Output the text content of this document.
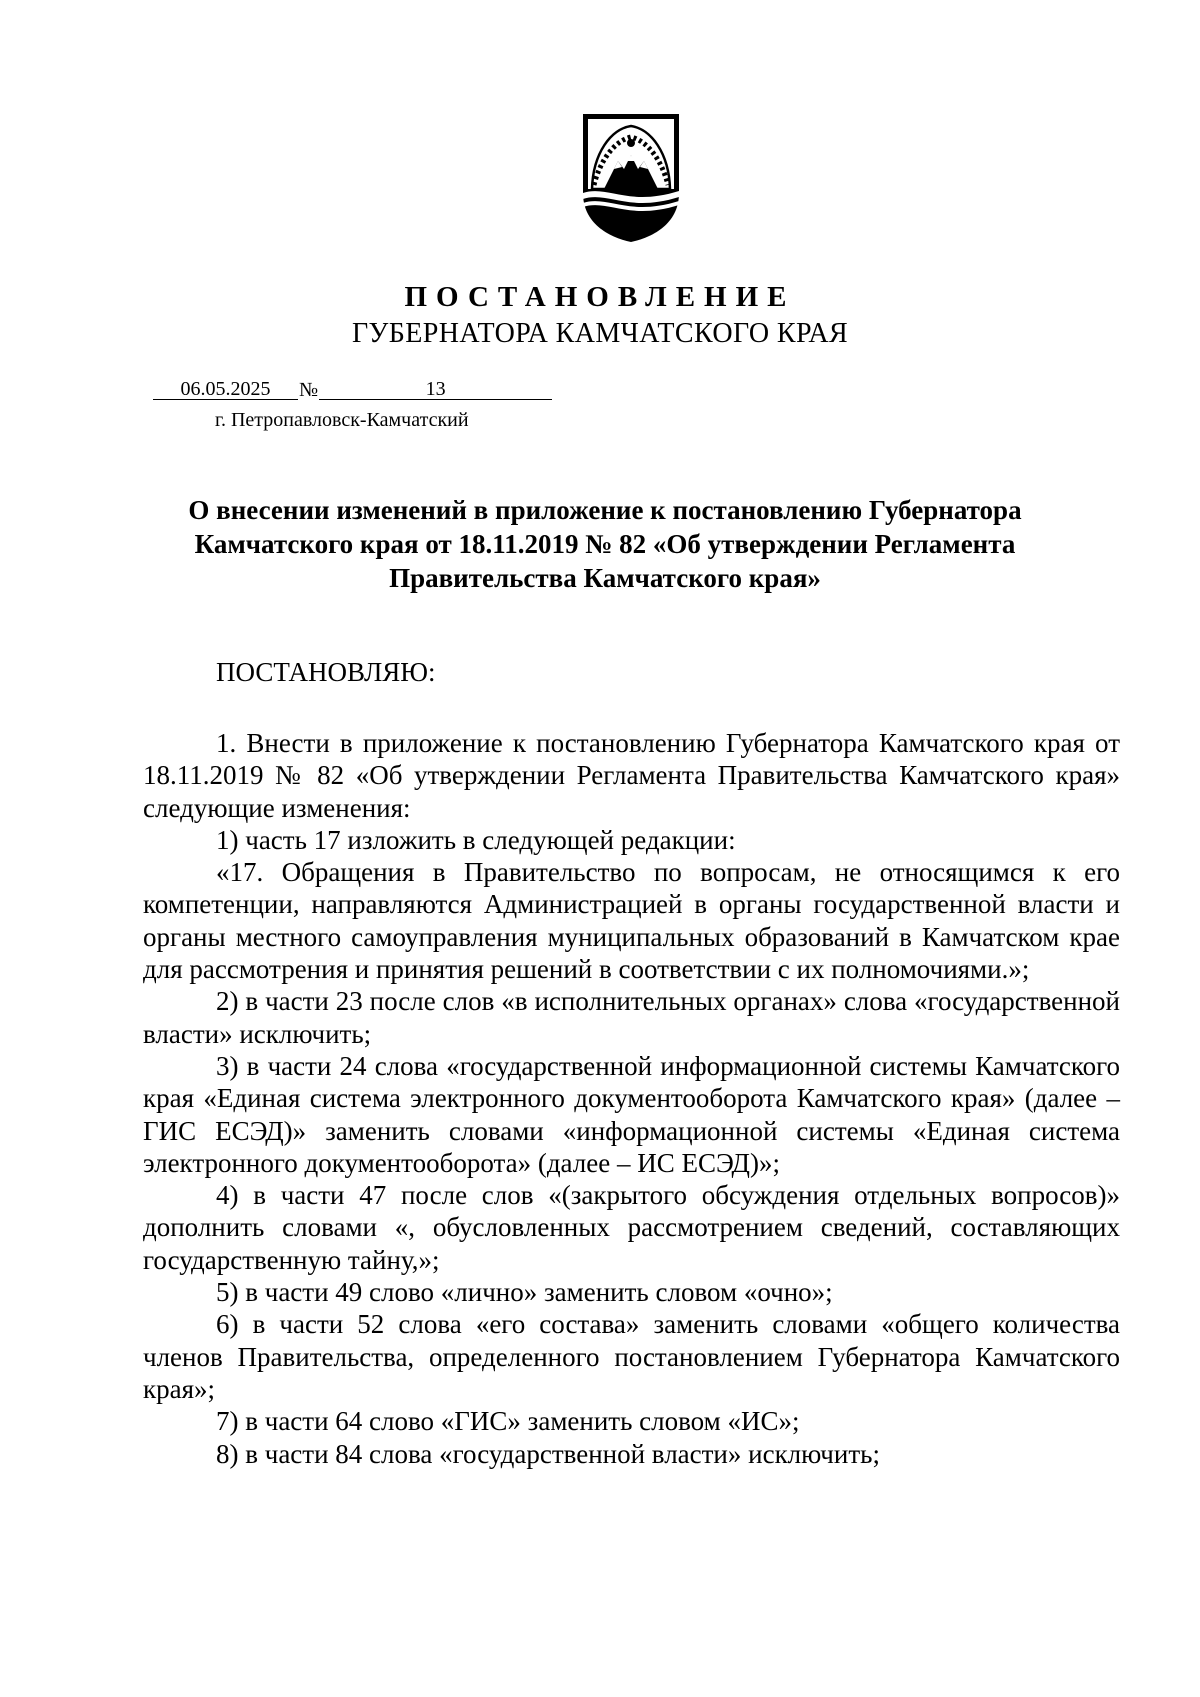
ПОСТАНОВЛЕНИЕ
ГУБЕРНАТОРА КАМЧАТСКОГО КРАЯ
06.05.2025	№	13
г. Петропавловск-Камчатский
О внесении изменений в приложение к постановлению Губернатора Камчатского края от 18.11.2019 № 82 «Об утверждении Регламента Правительства Камчатского края»
ПОСТАНОВЛЯЮ:

1. Внести в приложение к постановлению Губернатора Камчатского края от 18.11.2019 № 82 «Об утверждении Регламента Правительства Камчатского края» следующие изменения:

1) часть 17 изложить в следующей редакции:

«17. Обращения в Правительство по вопросам, не относящимся к его компетенции, направляются Администрацией в органы государственной власти и органы местного самоуправления муниципальных образований в Камчатском крае для рассмотрения и принятия решений в соответствии с их полномочиями.»;

2) в части 23 после слов «в исполнительных органах» слова «государственной власти» исключить;

3) в части 24 слова «государственной информационной системы Камчатского края «Единая система электронного документооборота Камчатского края» (далее – ГИС ЕСЭД)» заменить словами «информационной системы «Единая система электронного документооборота» (далее – ИС ЕСЭД)»;

4) в части 47 после слов «(закрытого обсуждения отдельных вопросов)» дополнить словами «, обусловленных рассмотрением сведений, составляющих государственную тайну,»;

5) в части 49 слово «лично» заменить словом «очно»;

6) в части 52 слова «его состава» заменить словами «общего количества членов Правительства, определенного постановлением Губернатора Камчатского края»;

7) в части 64 слово «ГИС» заменить словом «ИС»;

8) в части 84 слова «государственной власти» исключить;
